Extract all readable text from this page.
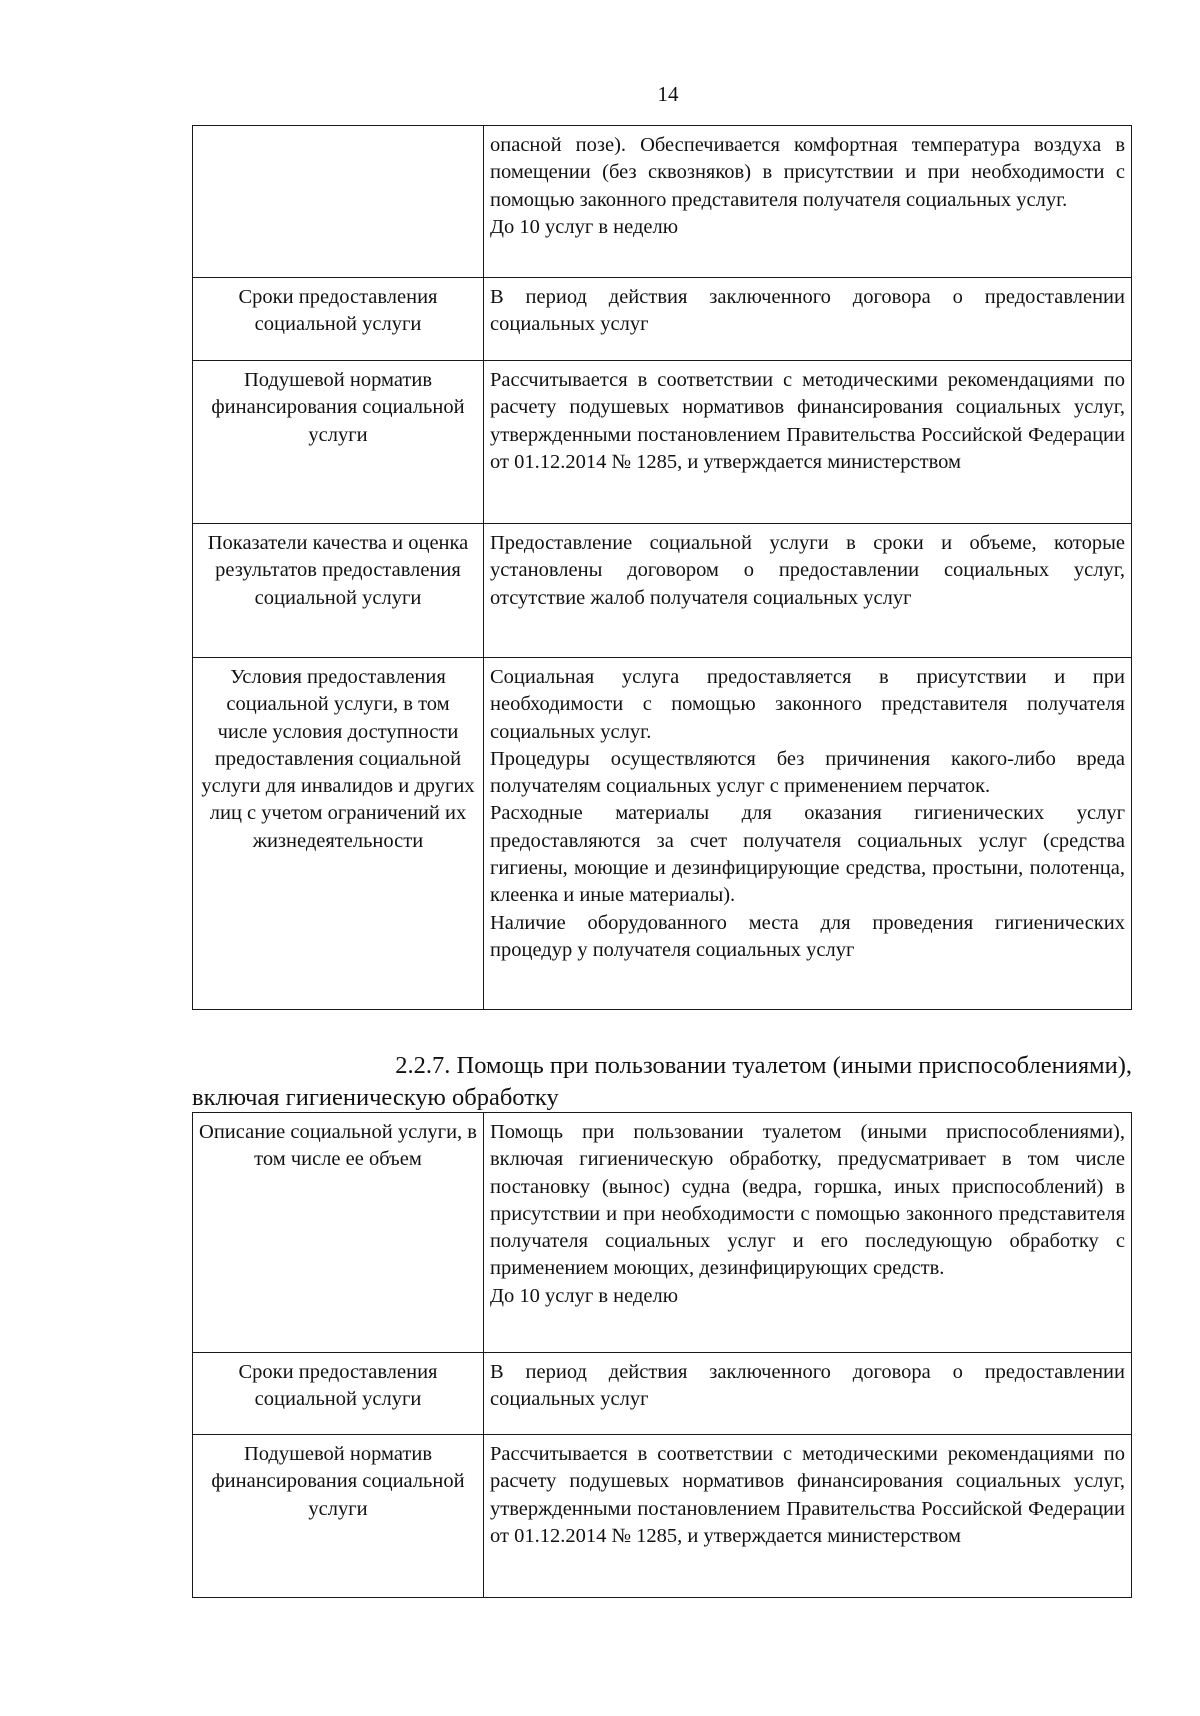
14

	опасной позе). Обеспечивается комфортная температура воздуха в помещении (без сквозняков) в присутствии и при необходимости с помощью законного представителя получателя социальных услуг.
До 10 услуг в неделю

Сроки предоставления социальной услуги	В период действия заключенного договора о предоставлении социальных услуг

Подушевой норматив финансирования социальной услуги	Рассчитывается в соответствии с методическими рекомендациями по расчету подушевых нормативов финансирования социальных услуг, утвержденными постановлением Правительства Российской Федерации от 01.12.2014 № 1285, и утверждается министерством

Показатели качества и оценка результатов предоставления социальной услуги	Предоставление социальной услуги в сроки и объеме, которые установлены договором о предоставлении социальных услуг, отсутствие жалоб получателя социальных услуг

Условия предоставления социальной услуги, в том числе условия доступности предоставления социальной услуги для инвалидов и других лиц с учетом ограничений их жизнедеятельности	Социальная услуга предоставляется в присутствии и при необходимости с помощью законного представителя получателя социальных услуг.
Процедуры осуществляются без причинения какого-либо вреда получателям социальных услуг с применением перчаток.
Расходные материалы для оказания гигиенических услуг предоставляются за счет получателя социальных услуг (средства гигиены, моющие и дезинфицирующие средства, простыни, полотенца, клеенка и иные материалы).
Наличие оборудованного места для проведения гигиенических процедур у получателя социальных услуг
2.2.7. Помощь при пользовании туалетом (иными приспособлениями),
включая гигиеническую обработку
Описание социальной услуги, в том числе ее объем	Помощь при пользовании туалетом (иными приспособлениями), включая гигиеническую обработку, предусматривает в том числе постановку (вынос) судна (ведра, горшка, иных приспособлений) в присутствии и при необходимости с помощью законного представителя получателя социальных услуг и его последующую обработку с применением моющих, дезинфицирующих средств.
До 10 услуг в неделю

Сроки предоставления социальной услуги	В период действия заключенного договора о предоставлении социальных услуг

Подушевой норматив финансирования социальной услуги	Рассчитывается в соответствии с методическими рекомендациями по расчету подушевых нормативов финансирования социальных услуг, утвержденными постановлением Правительства Российской Федерации от 01.12.2014 № 1285, и утверждается министерством
